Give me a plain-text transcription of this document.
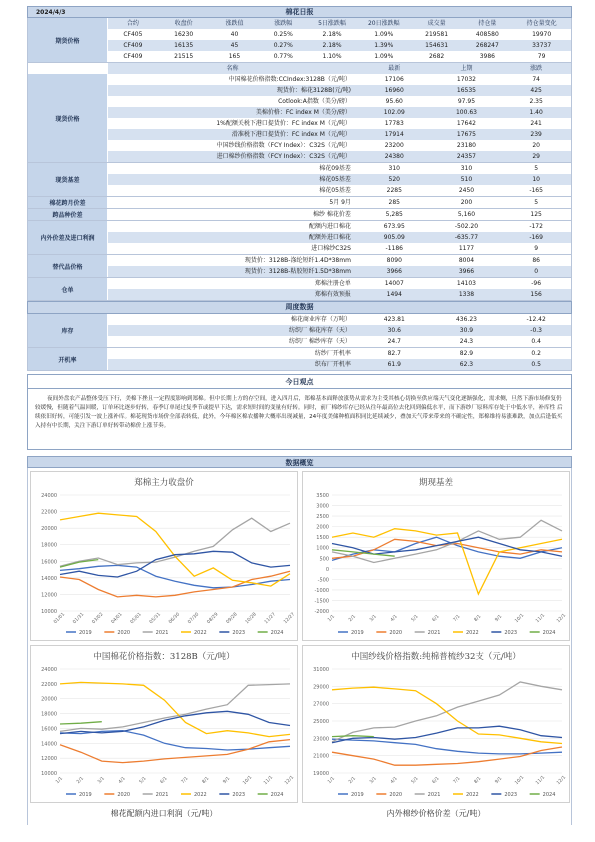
2024/4/3	棉花日报
期货价格
合约	收盘价	涨跌值	涨跌幅	5日涨跌幅	20日涨跌幅	成交量	持仓量	持仓量变化
CF405	16230	40	0.25%	2.18%	1.09%	219581	408580	19970
CF409	16135	45	0.27%	2.18%	1.39%	154631	268247	33737
CF409	21515	165	0.77%	1.10%	1.09%	2682	3986	79
名称	最新	上期	涨跌
现货价格
中国棉花价格指数:CCIndex:3128B（元/吨）	17106	17032	74
现货价：棉花3128B(元/吨)	16960	16535	425
Cotlook:A指数（美分/磅）	95.60	97.95	2.35
美棉价格：FC index M（美分/磅）	102.09	100.63	1.40
1%配额关税下港口提货价：FC index M（元/吨）	17783	17642	241
滑准税下港口提货价：FC index M（元/吨）	17914	17675	239
中国纱线价格指数（FCY Index）：C32S（元/吨）	23200	23180	20
进口棉纱价格指数（FCY Index）：C32S（元/吨）	24380	24357	29
现货基差
棉花09基差	310	310	5
棉花05基差	520	510	10
棉花05基差	2285	2450	-165
棉花跨月价差	5月 9月	285	200	5
跨品种价差	棉纱 棉花价差	5,285	5,160	125
内外价差及进口利润
配额内进口棉花	673.95	-502.20	-172
配额外进口棉花	905.09	-635.77	-169
进口棉纱C32S	-1186	1177	9
替代品价格
现货价：3128B-涤纶短纤1.4D*38mm	8090	8004	86
现货价：3128B-粘胶短纤1.5D*38mm	3966	3966	0
仓单
郑棉注册仓单	14007	14103	-96
郑棉有效预报	1494	1338	156
周度数据
库存
棉花商业库存（万吨）	423.81	436.23	-12.42
纺织厂 棉花库存（天）	30.6	30.9	-0.3
纺织厂 棉纱库存（天）	24.7	24.3	0.4
开机率
纺纱厂开机率	82.7	82.9	0.2
织布厂开机率	61.9	62.3	0.5
今日观点
夜间外盘农产品整体受压下行，美棉下挫且一定程度影响到郑棉。但中长期上方的存空间，进入四月后，郑棉基本面释放涨势从需求为主受其核心切换至供应端天气变化逐渐强化，需求侧，旦然下游市场修复仍较缓慢，但随着气温回暖，订单环比逐步好转，春季订单尾过复季节或提早下达，需求短时间的变量有好转。同时，前厂棉纱库存已经从往年最高位去化回到偏低水平，而下游纱厂原料库存处于中低水平，补库性 后续依旧好转，可能引发一波上涨补库。棉花现货市场价全部表转低，此外，今年棉区棉农播种大概率出现减量，24年度美储种植面积同比延续减少，叠加天气带来带来的不确定性，郑棉维持易涨难跌，加点后逢低买入持有中长期，关注下游订单好转带动棉价上涨节奏。
数据概览
郑棉主力收盘价
10000
12000
14000
16000
18000
20000
22000
24000
01/01 01/31 03/02 04/01 05/01 05/31 06/30 07/30 08/29 09/28 10/28 11/27 12/27
2019	2020	2021	2022	2023	2024
期现基差
-2000
-1500
-1000
-500
0
500
1000
1500
2000
2500
3000
3500
1/1	2/1	3/1	4/1	5/1	6/1	7/1	8/1	9/1 10/1 11/1 12/1
2019	2020	2021	2022	2023	2024
中国棉花价格指数：3128B（元/吨）
10000
12000
14000
16000
18000
20000
22000
24000
1/1	2/1	3/1	4/1	5/1	6/1	7/1	8/1	9/1 10/1 11/1 12/1
2019	2020	2021	2022	2023	2024
中国纱线价格指数:纯棉普梳纱32支（元/吨）
19000
21000
23000
25000
27000
29000
31000
1/1	2/1	3/1	4/1	5/1	6/1	7/1	8/1	9/1 10/1 11/1 12/1
2019	2020	2021	2022	2023	2024
棉花配额内进口利润（元/吨）	内外棉纱价格价差（元/吨）
